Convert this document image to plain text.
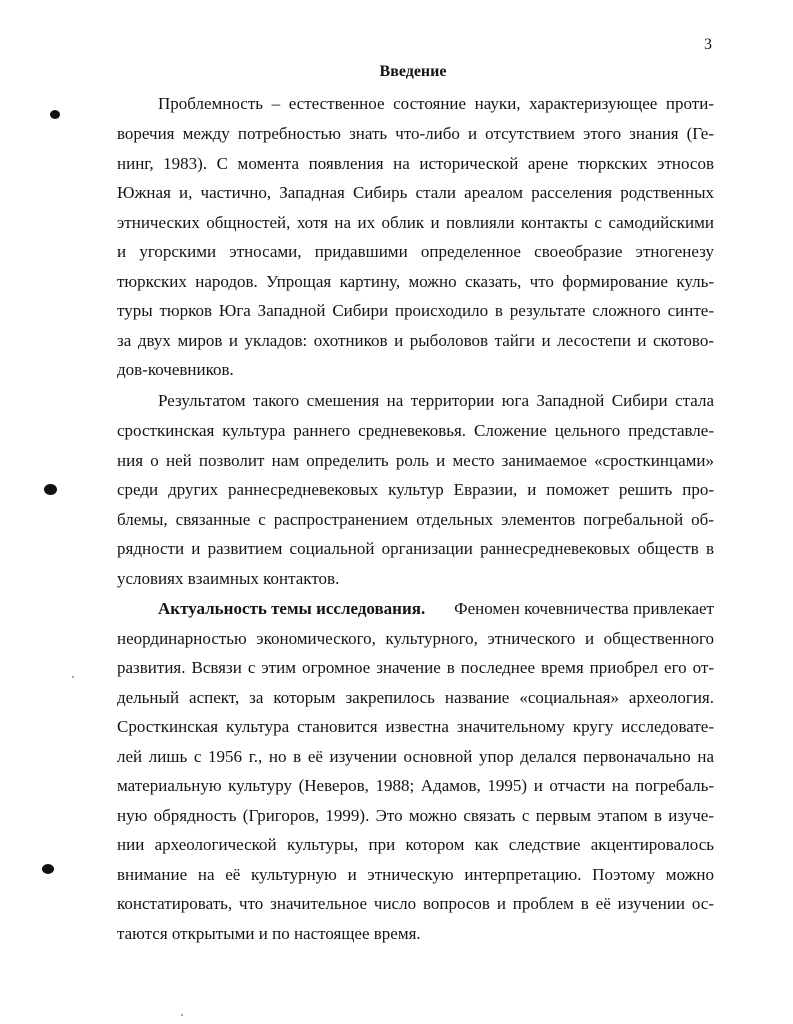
3
Введение
Проблемность – естественное состояние науки, характеризующее проти-
воречия между потребностью знать что-либо и отсутствием этого знания (Ге-
нинг, 1983). С момента появления на исторической арене тюркских этносов
Южная и, частично, Западная Сибирь стали ареалом расселения родственных
этнических общностей, хотя на их облик и повлияли контакты с самодийскими
и угорскими этносами, придавшими определенное своеобразие этногенезу
тюркских народов. Упрощая картину, можно сказать, что формирование куль-
туры тюрков Юга Западной Сибири происходило в результате сложного синте-
за двух миров и укладов: охотников и рыболовов тайги и лесостепи и скотово-
дов-кочевников.
Результатом такого смешения на территории юга Западной Сибири стала
сросткинская культура раннего средневековья. Сложение цельного представле-
ния о ней позволит нам определить роль и место занимаемое «сросткинцами»
среди других раннесредневековых культур Евразии, и поможет решить про-
блемы, связанные с распространением отдельных элементов погребальной об-
рядности и развитием социальной организации раннесредневековых обществ в
условиях взаимных контактов.
Актуальность темы исследования. Феномен кочевничества привлекает
неординарностью экономического, культурного, этнического и общественного
развития. Всвязи с этим огромное значение в последнее время приобрел его от-
дельный аспект, за которым закрепилось название «социальная» археология.
Сросткинская культура становится известна значительному кругу исследовате-
лей лишь с 1956 г., но в её изучении основной упор делался первоначально на
материальную культуру (Неверов, 1988; Адамов, 1995) и отчасти на погребаль-
ную обрядность (Григоров, 1999). Это можно связать с первым этапом в изуче-
нии археологической культуры, при котором как следствие акцентировалось
внимание на её культурную и этническую интерпретацию. Поэтому можно
констатировать, что значительное число вопросов и проблем в её изучении ос-
таются открытыми и по настоящее время.
